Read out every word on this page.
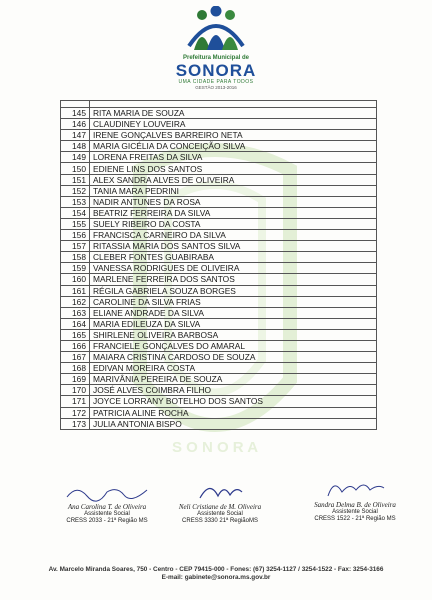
Prefeitura Municipal de
SONORA
UMA CIDADE PARA TODOS
GESTÃO 2013-2016
S O N O R A

145	RITA MARIA DE SOUZA
146	CLAUDINEY LOUVEIRA
147	IRENE GONÇALVES BARREIRO NETA
148	MARIA GICÉLIA DA CONCEIÇÃO SILVA
149	LORENA FREITAS DA SILVA
150	EDIENE LINS DOS SANTOS
151	ALEX SANDRA ALVES DE OLIVEIRA
152	TANIA MARA PEDRINI
153	NADIR ANTUNES DA ROSA
154	BEATRIZ FERREIRA DA SILVA
155	SUELY RIBEIRO DA COSTA
156	FRANCISCA CARNEIRO DA SILVA
157	RITASSIA MARIA DOS SANTOS SILVA
158	CLEBER FONTES GUABIRABA
159	VANESSA RODRIGUES DE OLIVEIRA
160	MARLENE FERREIRA DOS SANTOS
161	RÉGILA GABRIELA SOUZA BORGES
162	CAROLINE DA SILVA FRIAS
163	ELIANE ANDRADE DA SILVA
164	MARIA EDILEUZA DA SILVA
165	SHIRLENE OLIVEIRA BARBOSA
166	FRANCIELE GONÇALVES DO AMARAL
167	MAIARA CRISTINA CARDOSO DE SOUZA
168	EDIVAN MOREIRA COSTA
169	MARIVÂNIA PEREIRA DE SOUZA
170	JOSÉ ALVES COIMBRA FILHO
171	JOYCE LORRANY BOTELHO DOS SANTOS
172	PATRICIA ALINE ROCHA
173	JULIA ANTONIA BISPO
Ana Carolina T. de Oliveira
Assistente Social
CRESS 2033 - 21ª Região MS
Neli Cristiane de M. Oliveira
Assistente Social
CRESS 3330 21ª RegiãoMS
Sandra Delma B. de Oliveira
Assistente Social
CRESS 1522 - 21ª Região MS
Av. Marcelo Miranda Soares, 750 - Centro - CEP 79415-000 - Fones: (67) 3254-1127 / 3254-1522 - Fax: 3254-3166
E-mail: gabinete@sonora.ms.gov.br
